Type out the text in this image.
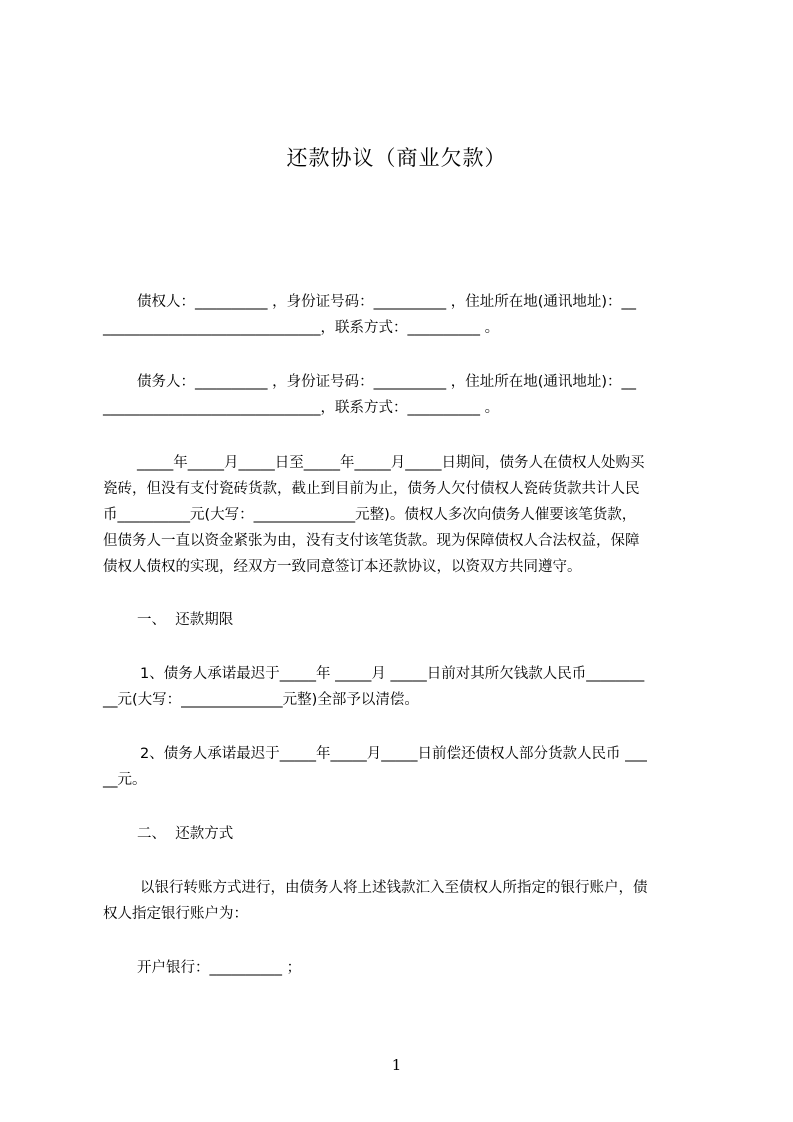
还款协议（商业欠款）
债权人：__________ ，身份证号码：__________ ，住址所在地(通讯地址)：__
______________________________，联系方式：__________ 。
债务人：__________ ，身份证号码：__________ ，住址所在地(通讯地址)：__
______________________________，联系方式：__________ 。
_____年_____月_____日至_____年_____月_____日期间，债务人在债权人处购买
瓷砖，但没有支付瓷砖货款，截止到目前为止，债务人欠付债权人瓷砖货款共计人民
币__________元(大写：______________元整)。债权人多次向债务人催要该笔货款，
但债务人一直以资金紧张为由，没有支付该笔货款。现为保障债权人合法权益，保障
债权人债权的实现，经双方一致同意签订本还款协议，以资双方共同遵守。
一、  还款期限
1、债务人承诺最迟于_____年 _____月 _____日前对其所欠钱款人民币________
__元(大写：______________元整)全部予以清偿。
2、债务人承诺最迟于_____年_____月_____日前偿还债权人部分货款人民币 ___
__元。
二、  还款方式
以银行转账方式进行，由债务人将上述钱款汇入至债权人所指定的银行账户，债
权人指定银行账户为：
开户银行：__________ ；
1
